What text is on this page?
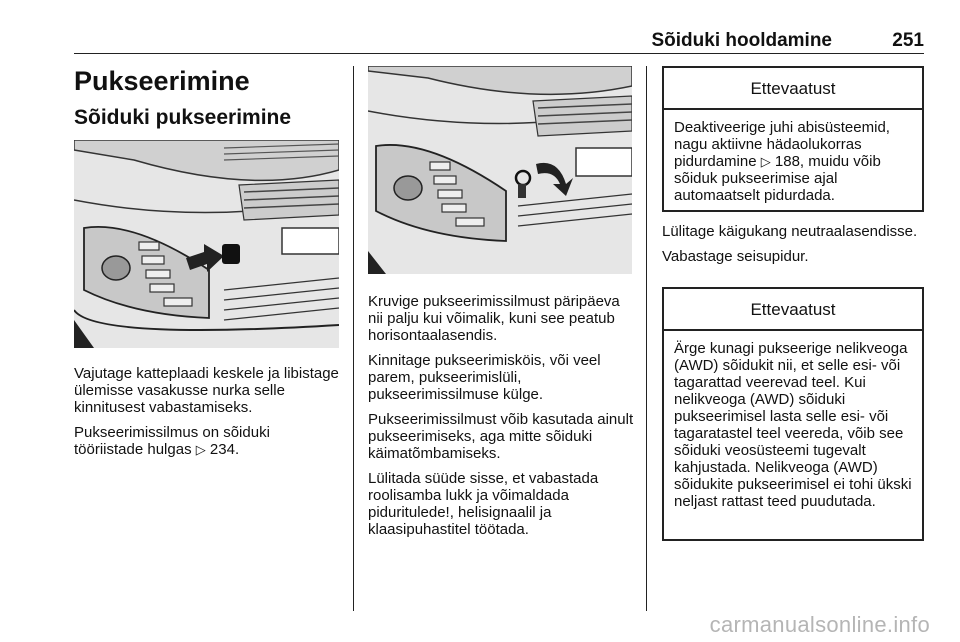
Sõiduki hooldamine	251
Pukseerimine
Sõiduki pukseerimine

Vajutage katteplaadi keskele ja libistage ülemisse vasakusse nurka selle kinnitusest vabastamiseks.

Pukseerimissilmus on sõiduki tööriistade hulgas ▷ 234.

Kruvige pukseerimissilmust päripäeva nii palju kui võimalik, kuni see peatub horisontaalasendis.

Kinnitage pukseerimisköis, või veel parem, pukseerimislüli, pukseerimissilmuse külge.

Pukseerimissilmust võib kasutada ainult pukseerimiseks, aga mitte sõiduki käimatõmbamiseks.

Lülitada süüde sisse, et vabastada roolisamba lukk ja võimaldada piduritulede!, helisignaalil ja klaasipuhastitel töötada.

Ettevaatust
Deaktiveerige juhi abisüsteemid, nagu aktiivne hädaolukorras pidurdamine ▷ 188, muidu võib sõiduk pukseerimise ajal automaatselt pidurdada.

Lülitage käigukang neutraalasendisse.

Vabastage seisupidur.

Ettevaatust
Ärge kunagi pukseerige nelikveoga (AWD) sõidukit nii, et selle esi- või tagarattad veerevad teel. Kui nelikveoga (AWD) sõiduki pukseerimisel lasta selle esi- või tagaratastel teel veereda, võib see sõiduki veosüsteemi tugevalt kahjustada. Nelikveoga (AWD) sõidukite pukseerimisel ei tohi ükski neljast rattast teed puudutada.
carmanualsonline.info
